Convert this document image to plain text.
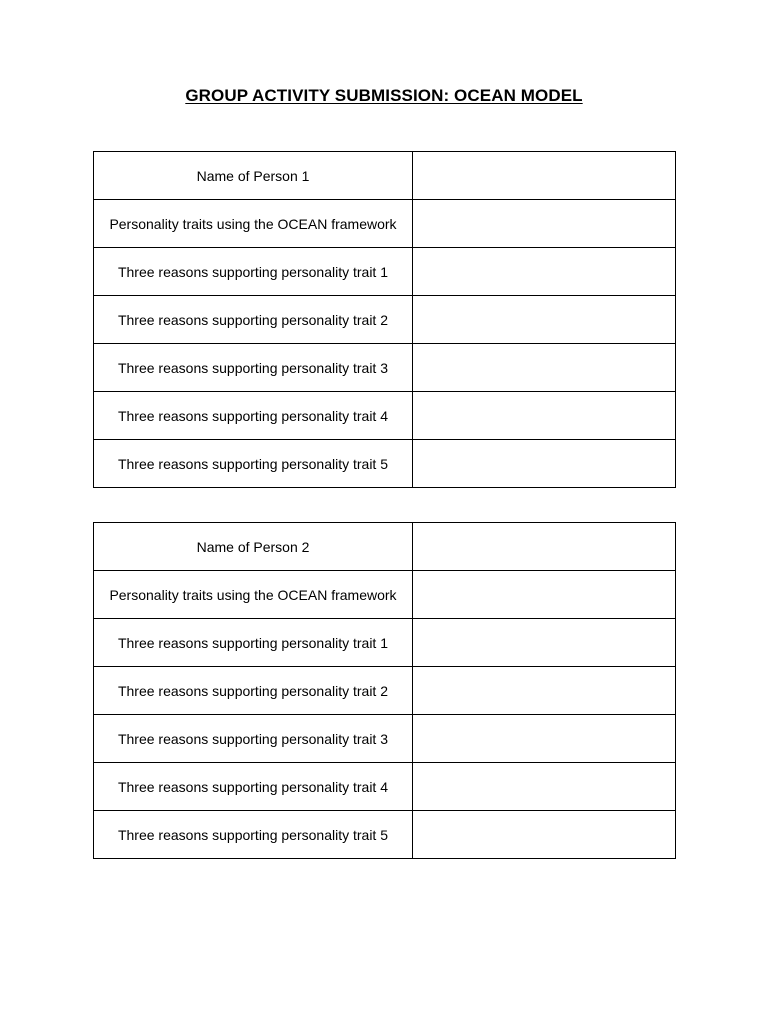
GROUP ACTIVITY SUBMISSION: OCEAN MODEL
Name of Person 1	
Personality traits using the OCEAN framework	
Three reasons supporting personality trait 1	
Three reasons supporting personality trait 2	
Three reasons supporting personality trait 3	
Three reasons supporting personality trait 4	
Three reasons supporting personality trait 5	
Name of Person 2	
Personality traits using the OCEAN framework	
Three reasons supporting personality trait 1	
Three reasons supporting personality trait 2	
Three reasons supporting personality trait 3	
Three reasons supporting personality trait 4	
Three reasons supporting personality trait 5	
